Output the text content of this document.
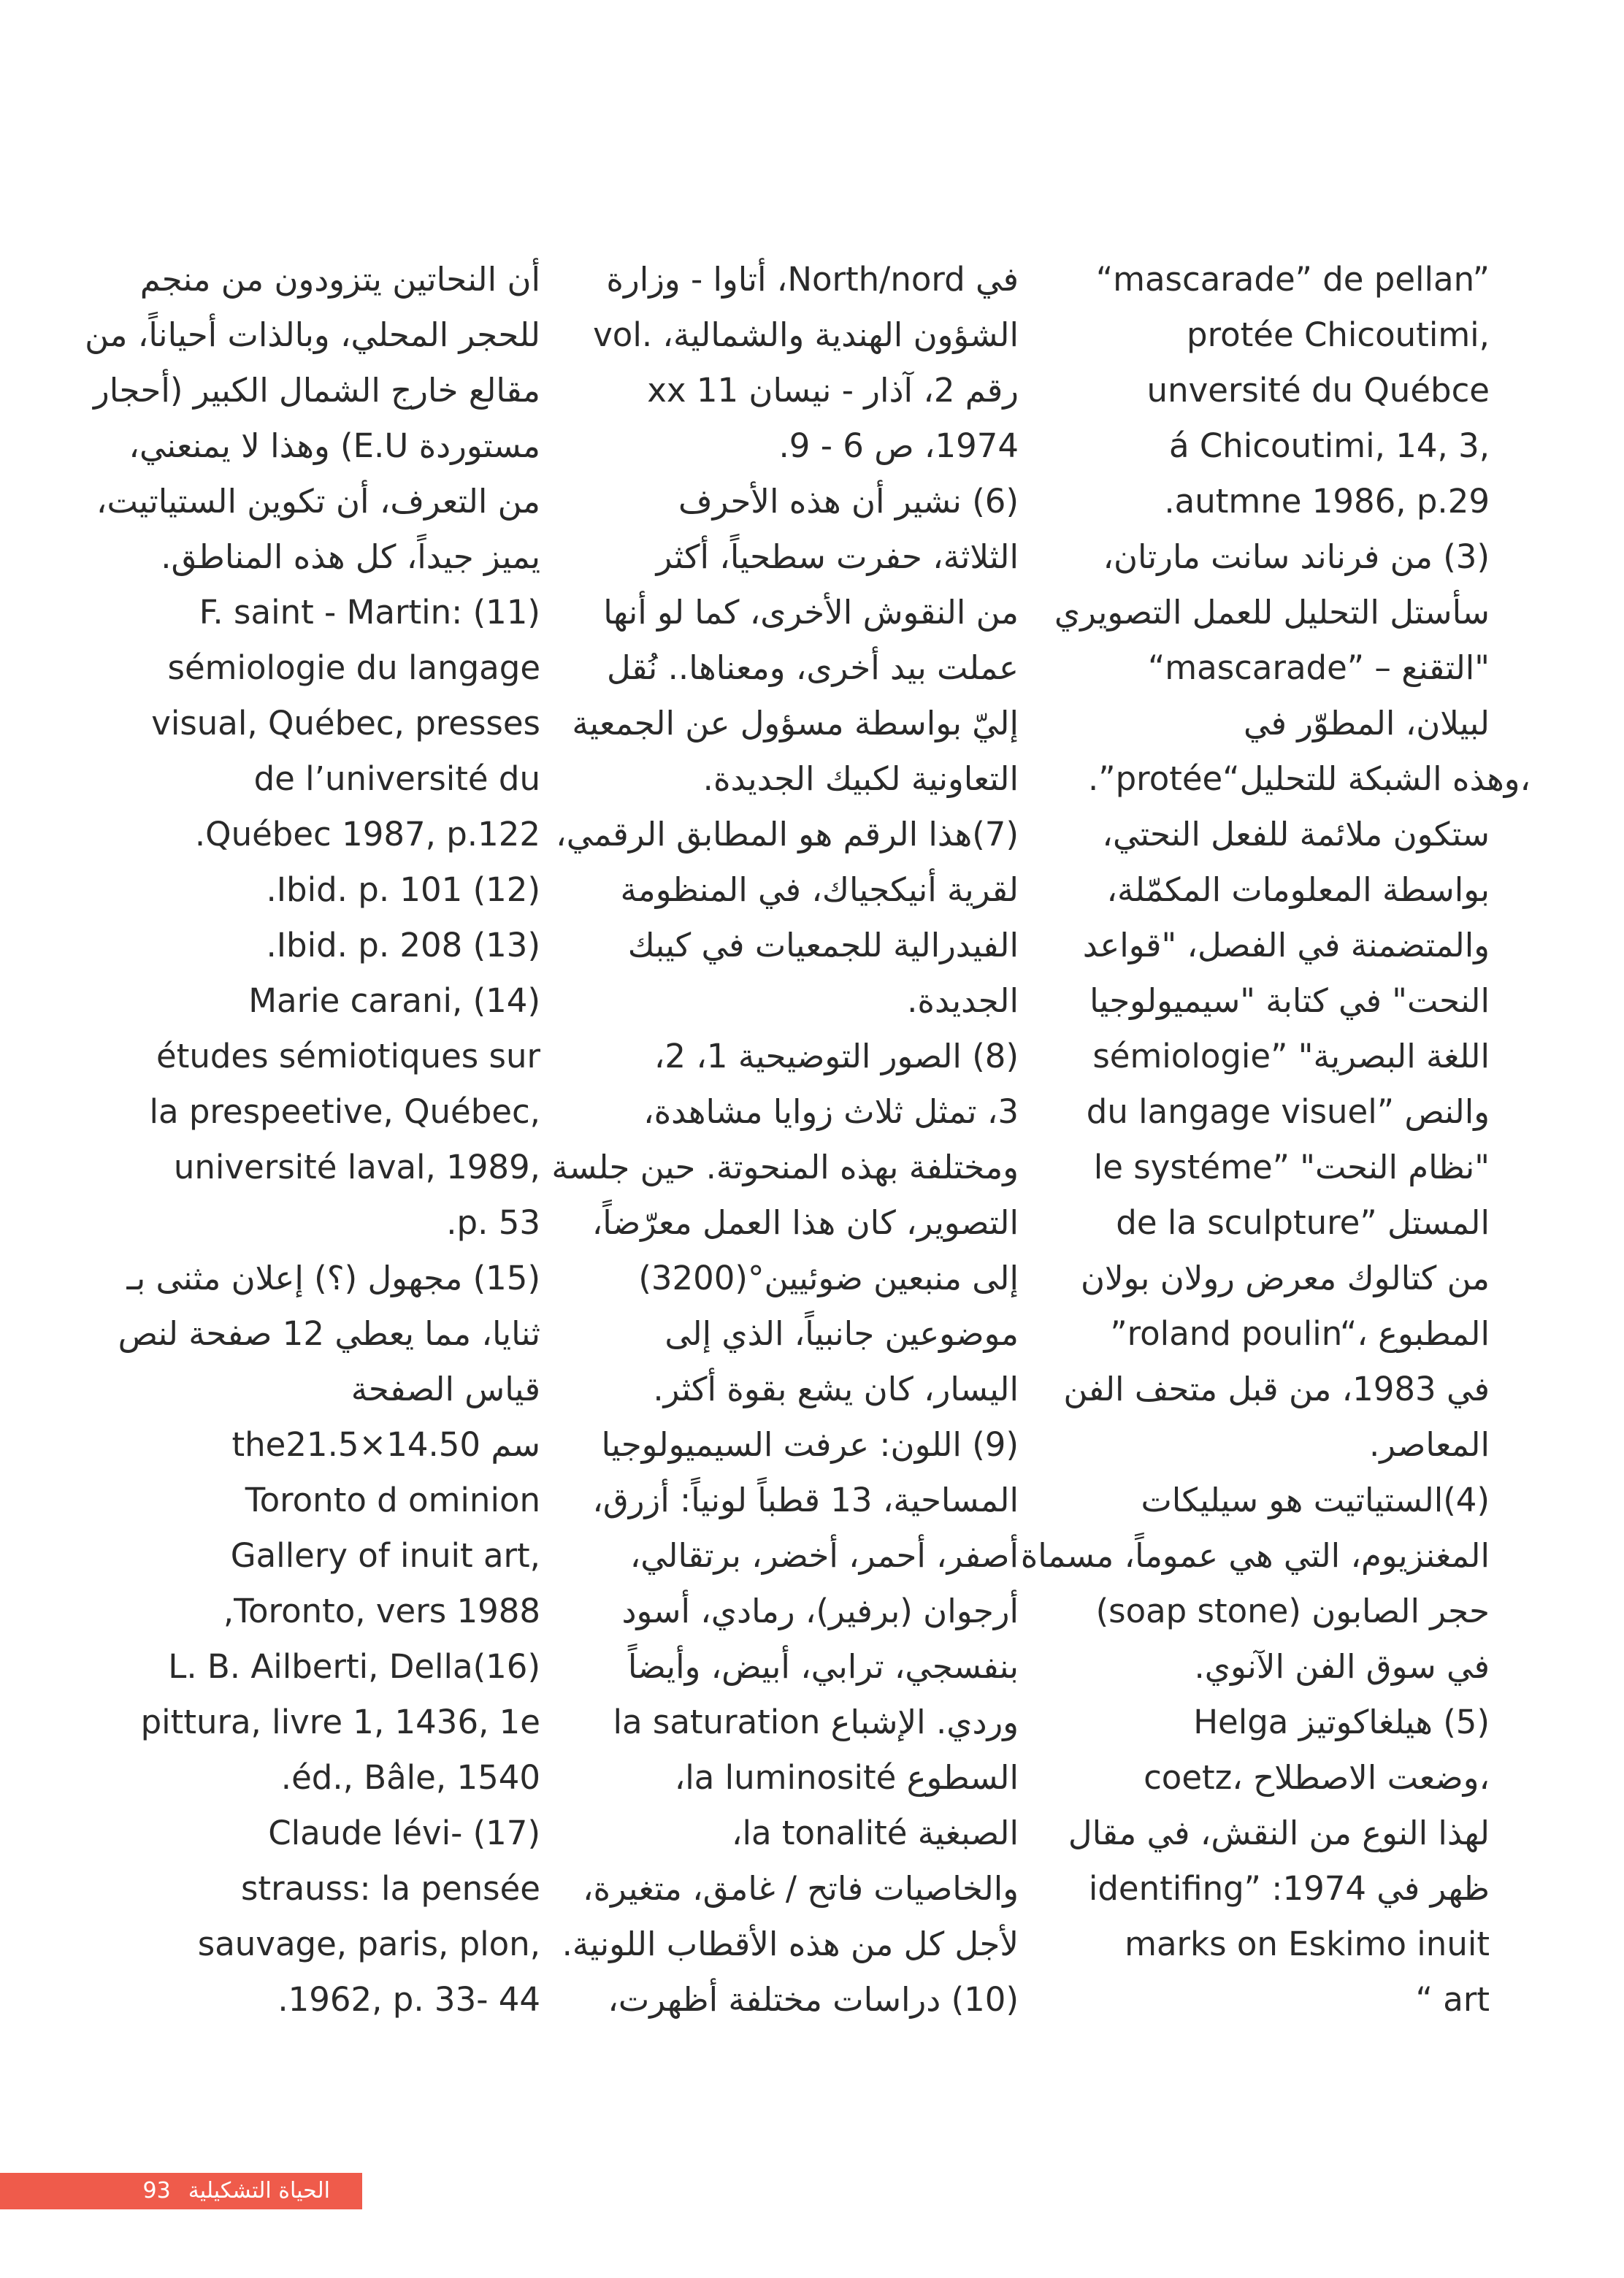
“mascarade” de pellan”
protée Chicoutimi,
unversité du Québce
á Chicoutimi, 14, 3,
.autmne 1986, p.29
(3) من فرناند سانت مارتان،
سأستل التحليل للعمل التصويري
"التقنع – ”mascarade“
لبيلان، المطوّر في
.”protée“وهذه الشبكة للتحليل،
ستكون ملائمة للفعل النحتي،
بواسطة المعلومات المكمّلة،
والمتضمنة في الفصل، "قواعد
النحت" في كتابة "سيميولوجيا
اللغة البصرية" ”sémiologie
والنص ”du langage visuel
"نظام النحت" ”le systéme
المستل ”de la sculpture
من كتالوك معرض رولان بولان
”roland poulin“، المطبوع
في 1983، من قبل متحف الفن
المعاصر.
(4)الستياتيت هو سيليكات
المغنزيوم، التي هي عموماً، مسماة
حجر الصابون (soap stone)
في سوق الفن الآنوي.
(5) هيلغاكوتيز Helga
coetz، وضعت الاصطلاح،
لهذا النوع من النقش، في مقال
ظهر في 1974: ”identifing
marks on Eskimo inuit
“ art
في North/nord، أتاوا - وزارة
الشؤون الهندية والشمالية، .vol
xx 11 رقم 2، آذار - نيسان
1974، ص 6 - 9.
(6) نشير أن هذه الأحرف
الثلاثة، حفرت سطحياً، أكثر
من النقوش الأخرى، كما لو أنها
عملت بيد أخرى، ومعناها.. نُقل
إليّ بواسطة مسؤول عن الجمعية
التعاونية لكبيك الجديدة.
(7)هذا الرقم هو المطابق الرقمي،
لقرية أنيكجياك، في المنظومة
الفيدرالية للجمعيات في كيبك
الجديدة.
(8) الصور التوضيحية 1، 2،
3، تمثل ثلاث زوايا مشاهدة،
ومختلفة بهذه المنحوتة. حين جلسة
التصوير، كان هذا العمل معرّضاً،
إلى منبعين ضوئيين°(3200)
موضوعين جانبياً، الذي إلى
اليسار، كان يشع بقوة أكثر.
(9) اللون: عرفت السيميولوجيا
المساحية، 13 قطباً لونياً: أزرق،
أصفر، أحمر، أخضر، برتقالي،
أرجوان (برفير)، رمادي، أسود
بنفسجي، ترابي، أبيض، وأيضاً
وردي. الإشباع la saturation
السطوع la luminosité،
الصبغية la tonalité،
والخاصيات فاتح / غامق، متغيرة،
لأجل كل من هذه الأقطاب اللونية.
(10) دراسات مختلفة أظهرت،
أن النحاتين يتزودون من منجم
للحجر المحلي، وبالذات أحياناً، من
مقالع خارج الشمال الكبير (أحجار
مستوردة E.U) وهذا لا يمنعني،
من التعرف، أن تكوين الستياتيت،
يميز جيداً، كل هذه المناطق.
F. saint - Martin: (11)
sémiologie du langage
visual, Québec, presses
de l’université du
.Québec 1987, p.122
.Ibid. p. 101 (12)
.Ibid. p. 208 (13)
Marie carani, (14)
études sémiotiques sur
la prespeetive, Québec,
université laval, 1989,
.p. 53
(15) مجهول (؟) إعلان مثنى بـ
ثنايا، مما يعطي 12 صفحة لنص
قياس الصفحة
the21.5×14.50 سم
Toronto d ominion
Gallery of inuit art,
,Toronto, vers 1988
L. B. Ailberti, Della(16)
pittura, livre 1, 1436, 1e
.éd., Bâle, 1540
Claude lévi- (17)
strauss: la pensée
sauvage, paris, plon,
.1962, p. 33- 44
الحياة التشكيلية93
